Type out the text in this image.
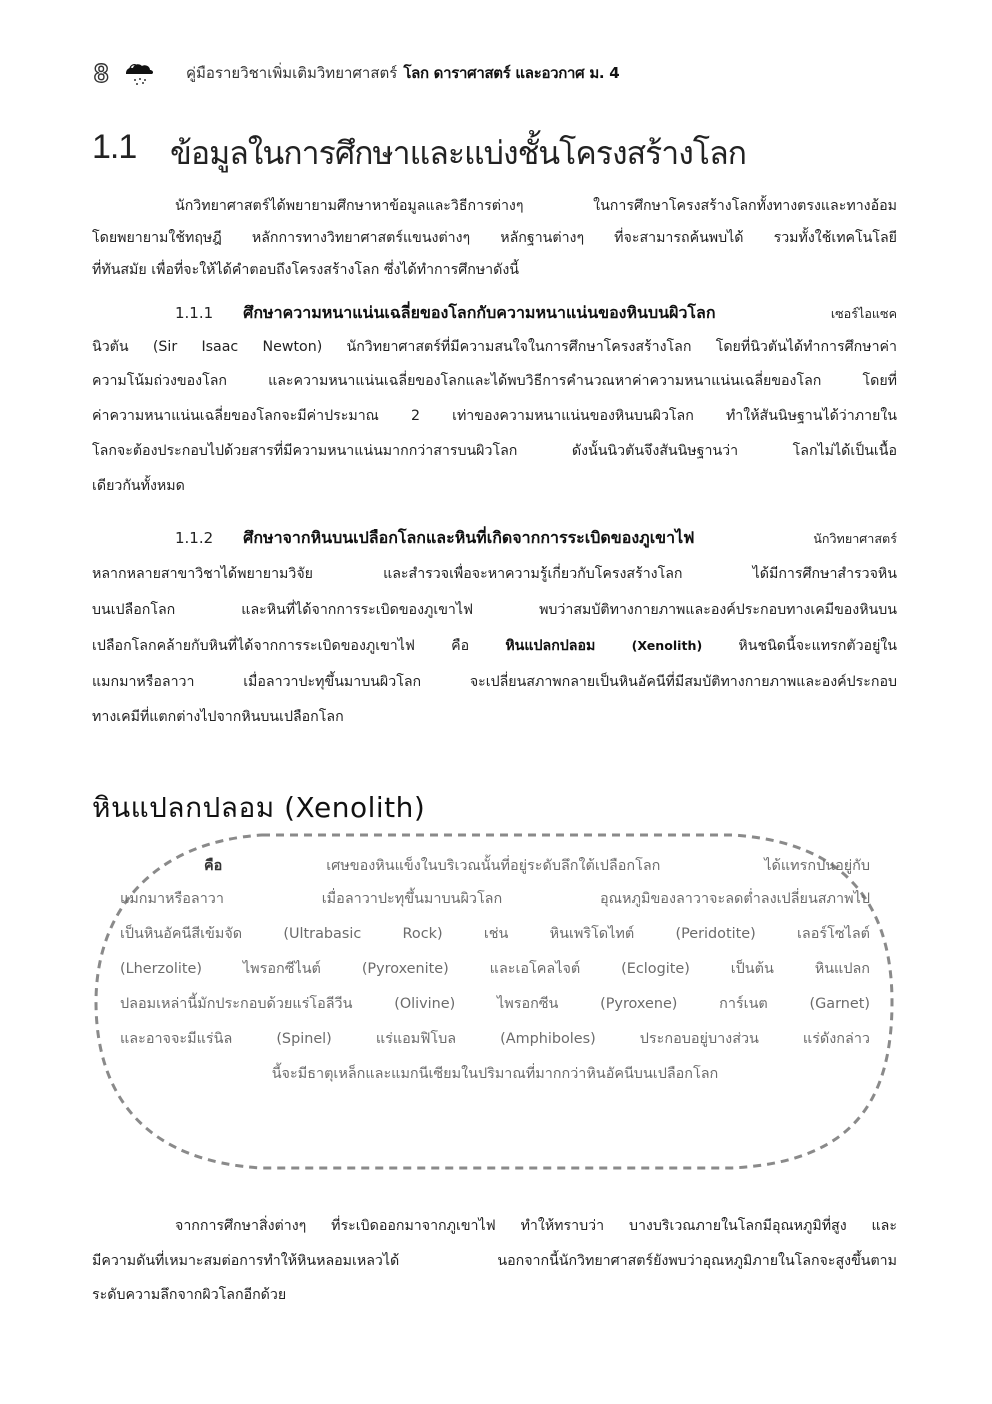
8	คู่มือรายวิชาเพิ่มเติมวิทยาศาสตร์ โลก ดาราศาสตร์ และอวกาศ ม. 4
1.1 ข้อมูลในการศึกษาและแบ่งชั้นโครงสร้างโลก
นักวิทยาศาสตร์ได้พยายามศึกษาหาข้อมูลและวิธีการต่างๆ ในการศึกษาโครงสร้างโลกทั้งทางตรงและทางอ้อม
โดยพยายามใช้ทฤษฎี หลักการทางวิทยาศาสตร์แขนงต่างๆ หลักฐานต่างๆ ที่จะสามารถค้นพบได้ รวมทั้งใช้เทคโนโลยี
ที่ทันสมัย เพื่อที่จะให้ได้คำตอบถึงโครงสร้างโลก ซึ่งได้ทำการศึกษาดังนี้
1.1.1 ศึกษาความหนาแน่นเฉลี่ยของโลกกับความหนาแน่นของหินบนผิวโลก	เซอร์ไอแซค
นิวตัน (Sir Isaac Newton) นักวิทยาศาสตร์ที่มีความสนใจในการศึกษาโครงสร้างโลก โดยที่นิวตันได้ทำการศึกษาค่า
ความโน้มถ่วงของโลก และความหนาแน่นเฉลี่ยของโลกและได้พบวิธีการคำนวณหาค่าความหนาแน่นเฉลี่ยของโลก โดยที่
ค่าความหนาแน่นเฉลี่ยของโลกจะมีค่าประมาณ 2 เท่าของความหนาแน่นของหินบนผิวโลก ทำให้สันนิษฐานได้ว่าภายใน
โลกจะต้องประกอบไปด้วยสารที่มีความหนาแน่นมากกว่าสารบนผิวโลก ดังนั้นนิวตันจึงสันนิษฐานว่า โลกไม่ได้เป็นเนื้อ
เดียวกันทั้งหมด
1.1.2 ศึกษาจากหินบนเปลือกโลกและหินที่เกิดจากการระเบิดของภูเขาไฟ	นักวิทยาศาสตร์
หลากหลายสาขาวิชาได้พยายามวิจัย และสำรวจเพื่อจะหาความรู้เกี่ยวกับโครงสร้างโลก ได้มีการศึกษาสำรวจหิน
บนเปลือกโลก และหินที่ได้จากการระเบิดของภูเขาไฟ พบว่าสมบัติทางกายภาพและองค์ประกอบทางเคมีของหินบน
เปลือกโลกคล้ายกับหินที่ได้จากการระเบิดของภูเขาไฟ คือ	หินแปลกปลอม	(Xenolith)	หินชนิดนี้จะแทรกตัวอยู่ใน
แมกมาหรือลาวา เมื่อลาวาปะทุขึ้นมาบนผิวโลก จะเปลี่ยนสภาพกลายเป็นหินอัคนีที่มีสมบัติทางกายภาพและองค์ประกอบ
ทางเคมีที่แตกต่างไปจากหินบนเปลือกโลก
หินแปลกปลอม (Xenolith)
คือ	เศษของหินแข็งในบริเวณนั้นที่อยู่ระดับลึกใต้เปลือกโลก ได้แทรกปนอยู่กับ
แมกมาหรือลาวา เมื่อลาวาปะทุขึ้นมาบนผิวโลก อุณหภูมิของลาวาจะลดต่ำลงเปลี่ยนสภาพไป
เป็นหินอัคนีสีเข้มจัด (Ultrabasic Rock) เช่น หินเพริโดไทต์ (Peridotite) เลอร์โซไลต์
(Lherzolite) ไพรอกซีไนต์ (Pyroxenite) และเอโคลไจต์ (Eclogite) เป็นต้น หินแปลก
ปลอมเหล่านี้มักประกอบด้วยแร่โอลีวีน (Olivine) ไพรอกซีน (Pyroxene) การ์เนต (Garnet)
และอาจจะมีแร่นิล (Spinel) แร่แอมฟิโบล (Amphiboles) ประกอบอยู่บางส่วน แร่ดังกล่าว
นี้จะมีธาตุเหล็กและแมกนีเซียมในปริมาณที่มากกว่าหินอัคนีบนเปลือกโลก
จากการศึกษาสิ่งต่างๆ ที่ระเบิดออกมาจากภูเขาไฟ ทำให้ทราบว่า บางบริเวณภายในโลกมีอุณหภูมิที่สูง และ
มีความดันที่เหมาะสมต่อการทำให้หินหลอมเหลวได้ นอกจากนี้นักวิทยาศาสตร์ยังพบว่าอุณหภูมิภายในโลกจะสูงขึ้นตาม
ระดับความลึกจากผิวโลกอีกด้วย
